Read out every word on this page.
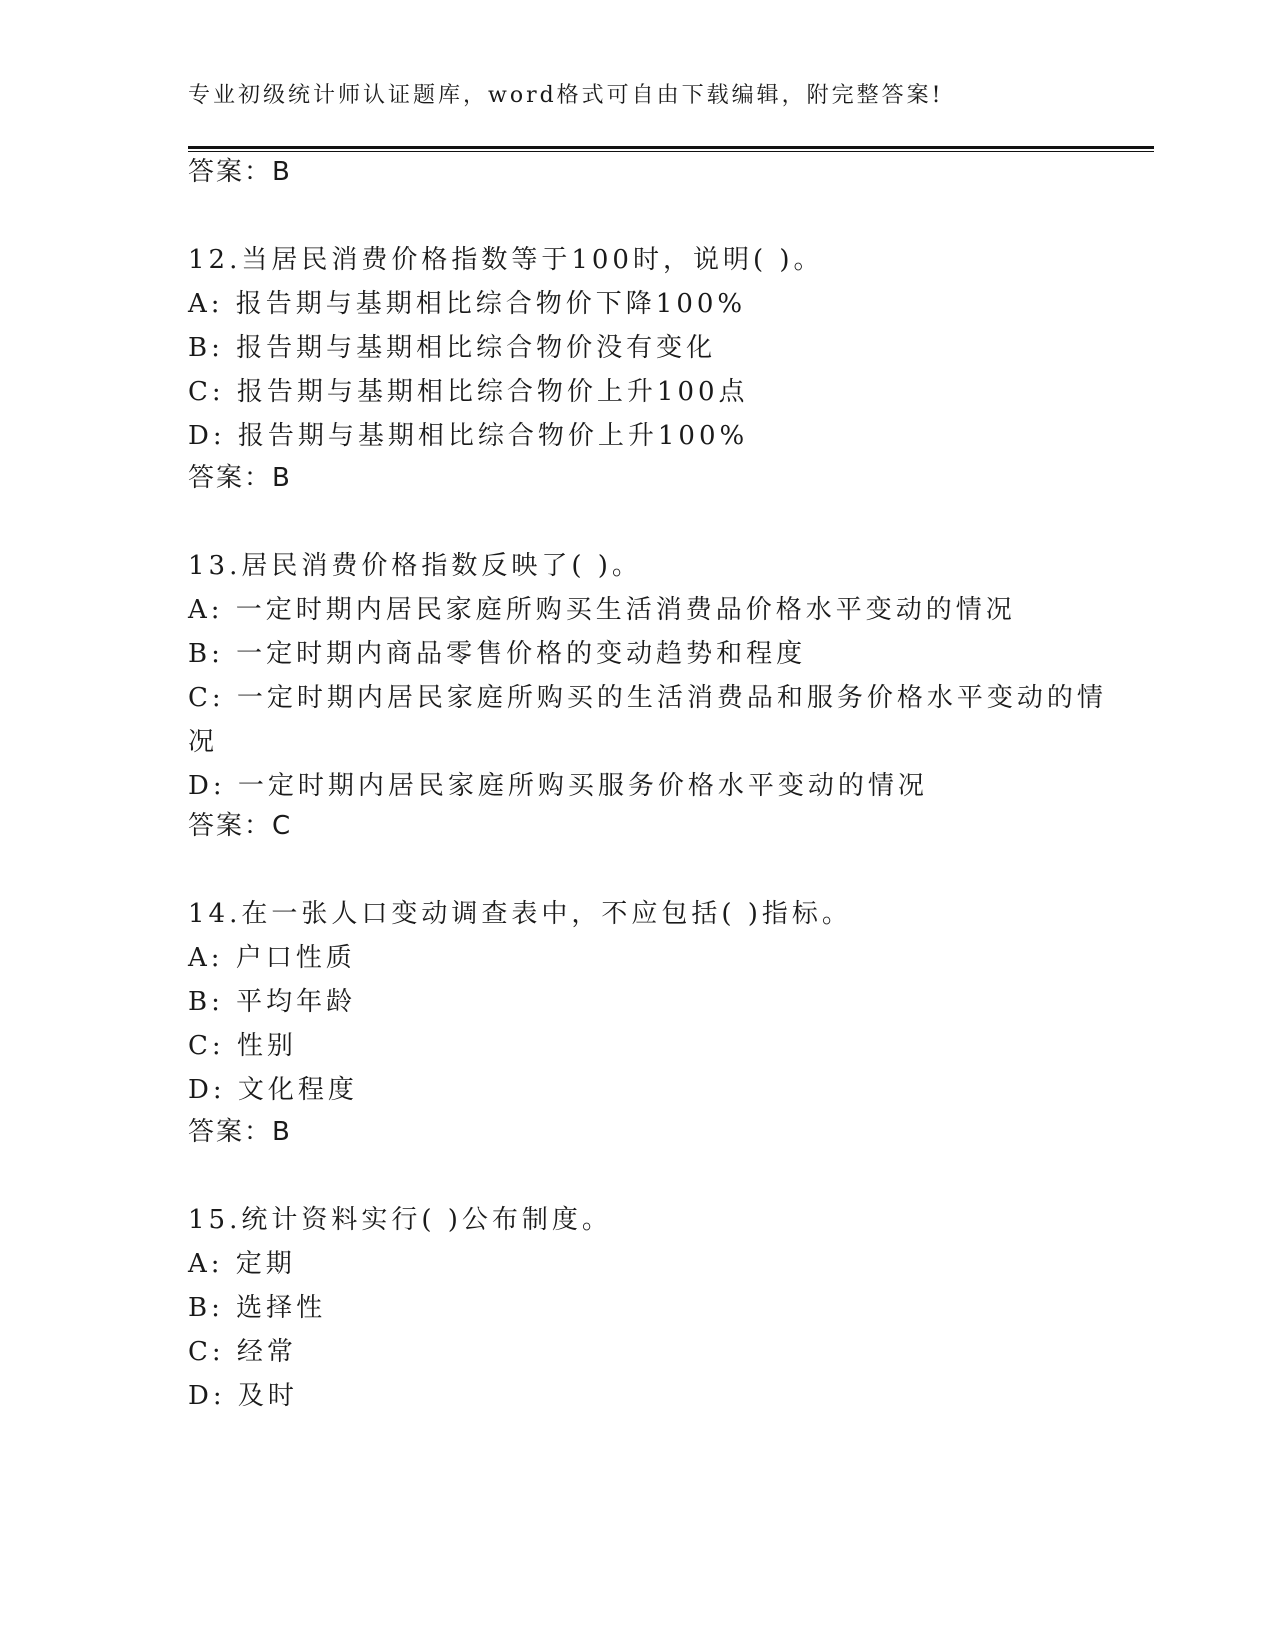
专业初级统计师认证题库，word格式可自由下载编辑，附完整答案!
答案：B
12.当居民消费价格指数等于100时，说明( )。
A: 报告期与基期相比综合物价下降100%
B: 报告期与基期相比综合物价没有变化
C: 报告期与基期相比综合物价上升100点
D: 报告期与基期相比综合物价上升100%
答案：B
13.居民消费价格指数反映了( )。
A: 一定时期内居民家庭所购买生活消费品价格水平变动的情况
B: 一定时期内商品零售价格的变动趋势和程度
C: 一定时期内居民家庭所购买的生活消费品和服务价格水平变动的情
况
D: 一定时期内居民家庭所购买服务价格水平变动的情况
答案：C
14.在一张人口变动调查表中，不应包括( )指标。
A: 户口性质
B: 平均年龄
C: 性别
D: 文化程度
答案：B
15.统计资料实行( )公布制度。
A: 定期
B: 选择性
C: 经常
D: 及时
